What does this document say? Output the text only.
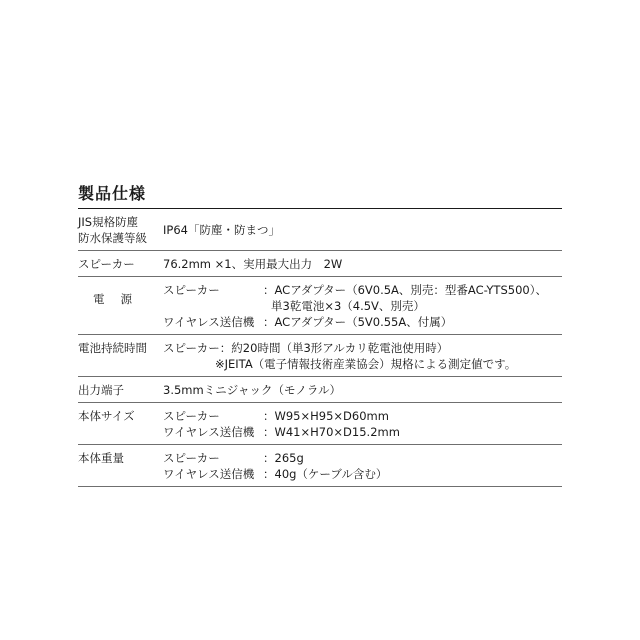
製品仕様
JIS規格防塵
防水保護等級	IP64「防塵・防まつ」

スピーカー	76.2mm ×1、実用最大出力　2W
電源	スピーカー ：ACアダプター（6V0.5A、別売：型番AC-YTS500）、
単3乾電池×3（4.5V、別売）
ワイヤレス送信機 ：ACアダプター（5V0.55A、付属）

電池持続時間	スピーカー：約20時間（単3形アルカリ乾電池使用時）
※JEITA（電子情報技術産業協会）規格による測定値です。

出力端子	3.5mmミニジャック（モノラル）
本体サイズ	スピーカー ：W95×H95×D60mm
ワイヤレス送信機 ：W41×H70×D15.2mm

本体重量	スピーカー ：265g
ワイヤレス送信機 ：40g（ケーブル含む）
